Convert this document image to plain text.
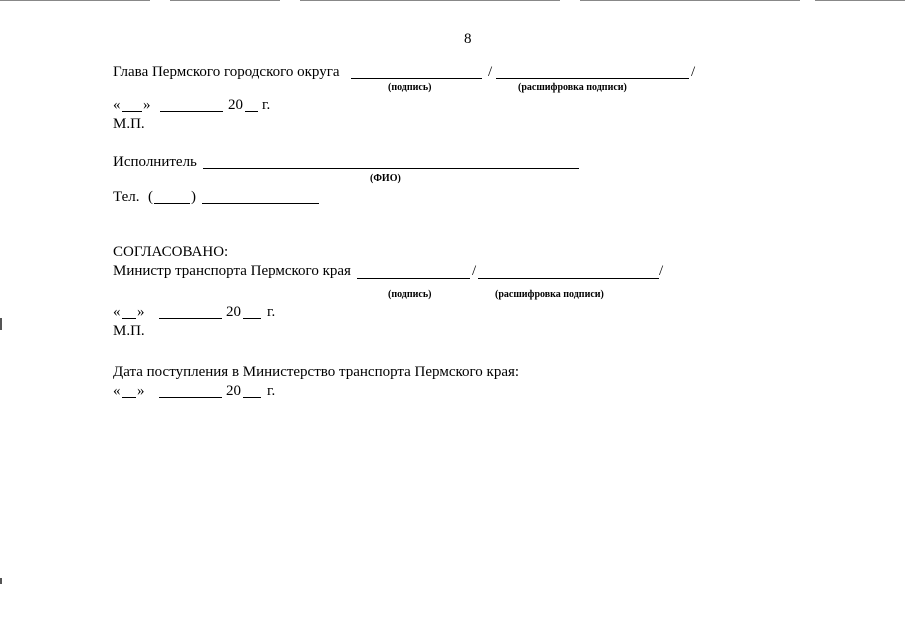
8
Глава Пермского городского округа	/	/
(подпись)	(расшифровка подписи)
« »	20 г.
М.П.
Исполнитель
(ФИО)
Тел. (	)
СОГЛАСОВАНО:
Министр транспорта Пермского края	/	/
(подпись)	(расшифровка подписи)
« »	20 г.
М.П.
Дата поступления в Министерство транспорта Пермского края:
« »	20 г.
